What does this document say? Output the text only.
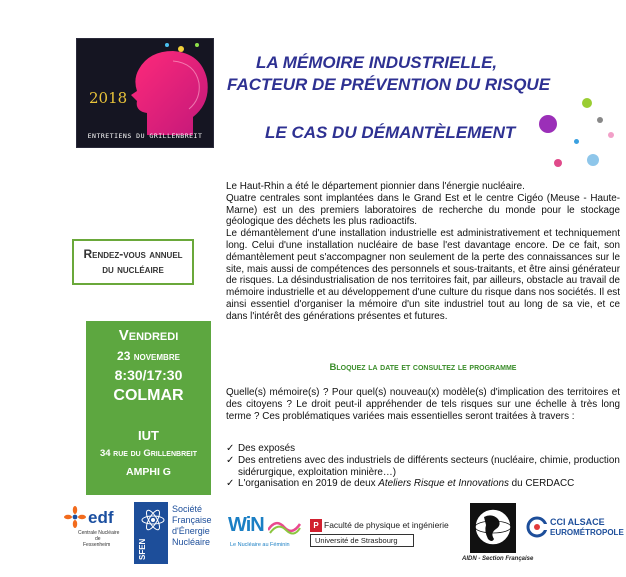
2018
ENTRETIENS DU GRILLENBREIT
LA MÉMOIRE INDUSTRIELLE,
FACTEUR DE PRÉVENTION DU RISQUE
LE CAS DU DÉMANTÈLEMENT

Le Haut-Rhin a été le département pionnier dans l'énergie nucléaire.

Quatre centrales sont implantées dans le Grand Est et le centre Cigéo (Meuse - Haute-Marne) est un des premiers laboratoires de recherche du monde pour le stockage géologique des déchets les plus radioactifs.

Le démantèlement d'une installation industrielle est administrativement et techniquement long. Celui d'une installation nucléaire de base l'est davantage encore. De ce fait, son démantèlement peut s'accompagner non seulement de la perte des connaissances sur le site, mais aussi de compétences des personnels et sous-traitants, et être ainsi générateur de risques. La désindustrialisation de nos territoires fait, par ailleurs, obstacle au travail de mémoire industrielle et au développement d'une culture du risque dans nos sociétés. Il est ainsi essentiel d'organiser la mémoire d'un site industriel tout au long de sa vie, et ce dans l'intérêt des générations présentes et futures.

Rendez-vous annuel
du nucléaire
Vendredi
23 novembre
8:30/17:30
COLMAR
IUT
34 rue du Grillenbreit
AMPHI G
Bloquez la date et consultez le programme
Quelle(s) mémoire(s) ? Pour quel(s) nouveau(x) modèle(s) d'implication des territoires et des citoyens ? Le droit peut-il appréhender de tels risques sur une échelle à très long terme ? Ces problématiques variées mais essentielles seront traitées à travers :
✓ Des exposés
✓ Des entretiens avec des industriels de différents secteurs (nucléaire, chimie, production sidérurgique, exploitation minière…)
✓ L'organisation en 2019 de deux Ateliers Risque et Innovations du CERDACC
edf
Centrale Nucléaire
de
Fessenheim	SFEN
Société
Française
d'Énergie
Nucléaire
WiN
Le Nucléaire au Féminin
P Faculté de physique et ingénierie
Université de Strasbourg
AIDN - Section Française
CCI ALSACE
EUROMÉTROPOLE
